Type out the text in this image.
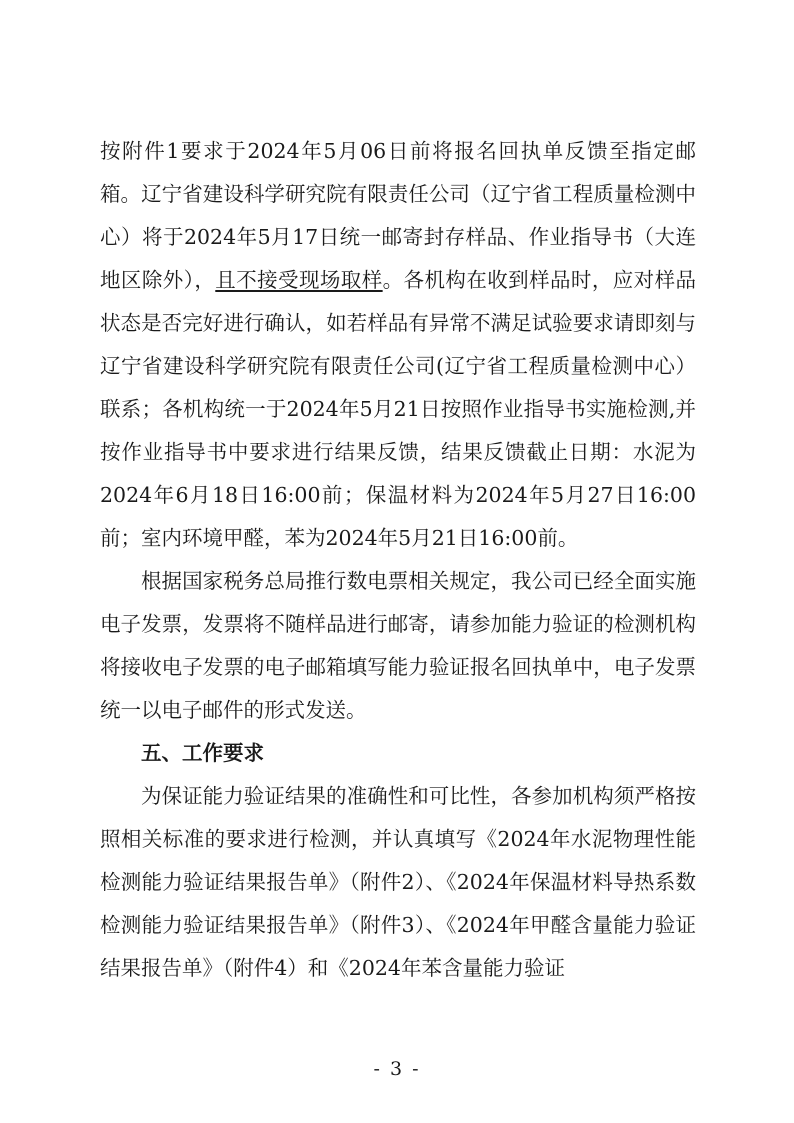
按附件1要求于2024年5月06日前将报名回执单反馈至指定邮箱。辽宁省建设科学研究院有限责任公司（辽宁省工程质量检测中心）将于2024年5月17日统一邮寄封存样品、作业指导书（大连地区除外），且不接受现场取样。各机构在收到样品时，应对样品状态是否完好进行确认，如若样品有异常不满足试验要求请即刻与辽宁省建设科学研究院有限责任公司(辽宁省工程质量检测中心）联系；各机构统一于2024年5月21日按照作业指导书实施检测,并按作业指导书中要求进行结果反馈，结果反馈截止日期：水泥为2024年6月18日16:00前；保温材料为2024年5月27日16:00前；室内环境甲醛，苯为2024年5月21日16:00前。

根据国家税务总局推行数电票相关规定，我公司已经全面实施电子发票，发票将不随样品进行邮寄，请参加能力验证的检测机构将接收电子发票的电子邮箱填写能力验证报名回执单中，电子发票统一以电子邮件的形式发送。

五、工作要求

为保证能力验证结果的准确性和可比性，各参加机构须严格按照相关标准的要求进行检测，并认真填写《2024年水泥物理性能检测能力验证结果报告单》（附件2）、《2024年保温材料导热系数检测能力验证结果报告单》（附件3）、《2024年甲醛含量能力验证结果报告单》（附件4）和《2024年苯含量能力验证

- 3 -
